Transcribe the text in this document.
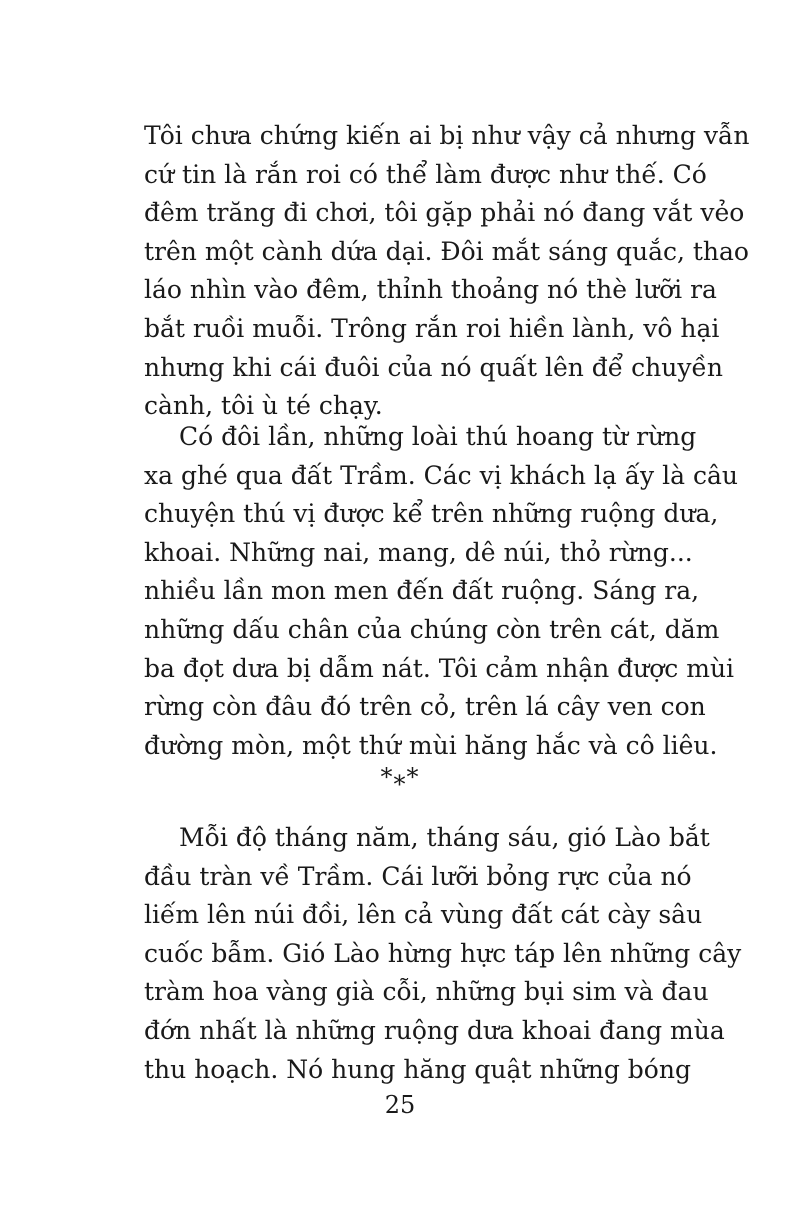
Tôi chưa chứng kiến ai bị như vậy cả nhưng vẫn
cứ tin là rắn roi có thể làm được như thế. Có
đêm trăng đi chơi, tôi gặp phải nó đang vắt vẻo
trên một cành dứa dại. Đôi mắt sáng quắc, thao
láo nhìn vào đêm, thỉnh thoảng nó thè lưỡi ra
bắt ruồi muỗi. Trông rắn roi hiền lành, vô hại
nhưng khi cái đuôi của nó quất lên để chuyền
cành, tôi ù té chạy.
Có đôi lần, những loài thú hoang từ rừng
xa ghé qua đất Trầm. Các vị khách lạ ấy là câu
chuyện thú vị được kể trên những ruộng dưa,
khoai. Những nai, mang, dê núi, thỏ rừng...
nhiều lần mon men đến đất ruộng. Sáng ra,
những dấu chân của chúng còn trên cát, dăm
ba đọt dưa bị dẫm nát. Tôi cảm nhận được mùi
rừng còn đâu đó trên cỏ, trên lá cây ven con
đường mòn, một thứ mùi hăng hắc và cô liêu.
*⁎*
Mỗi độ tháng năm, tháng sáu, gió Lào bắt
đầu tràn về Trầm. Cái lưỡi bỏng rực của nó
liếm lên núi đồi, lên cả vùng đất cát cày sâu
cuốc bẫm. Gió Lào hừng hực táp lên những cây
tràm hoa vàng già cỗi, những bụi sim và đau
đớn nhất là những ruộng dưa khoai đang mùa
thu hoạch. Nó hung hăng quật những bóng
25
